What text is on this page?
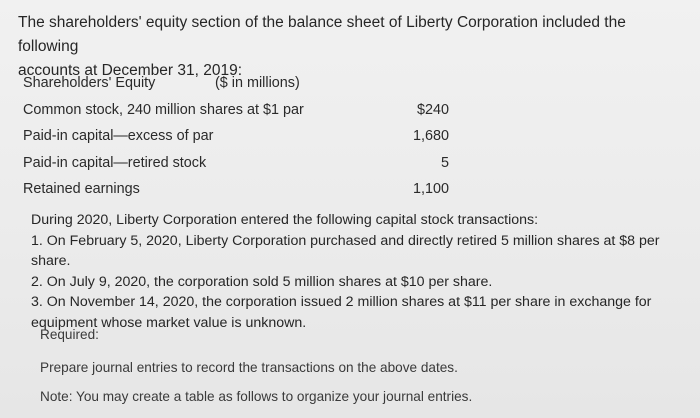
The shareholders' equity section of the balance sheet of Liberty Corporation included the following
accounts at December 31, 2019:
Shareholders' Equity	($ in millions)
Common stock, 240 million shares at $1 par	$240
Paid-in capital—excess of par	1,680
Paid-in capital—retired stock	5
Retained earnings	1,100

During 2020, Liberty Corporation entered the following capital stock transactions:

1. On February 5, 2020, Liberty Corporation purchased and directly retired 5 million shares at $8 per share.
2. On July 9, 2020, the corporation sold 5 million shares at $10 per share.
3. On November 14, 2020, the corporation issued 2 million shares at $11 per share in exchange for
equipment whose market value is unknown.
Required:
Prepare journal entries to record the transactions on the above dates.
Note: You may create a table as follows to organize your journal entries.
